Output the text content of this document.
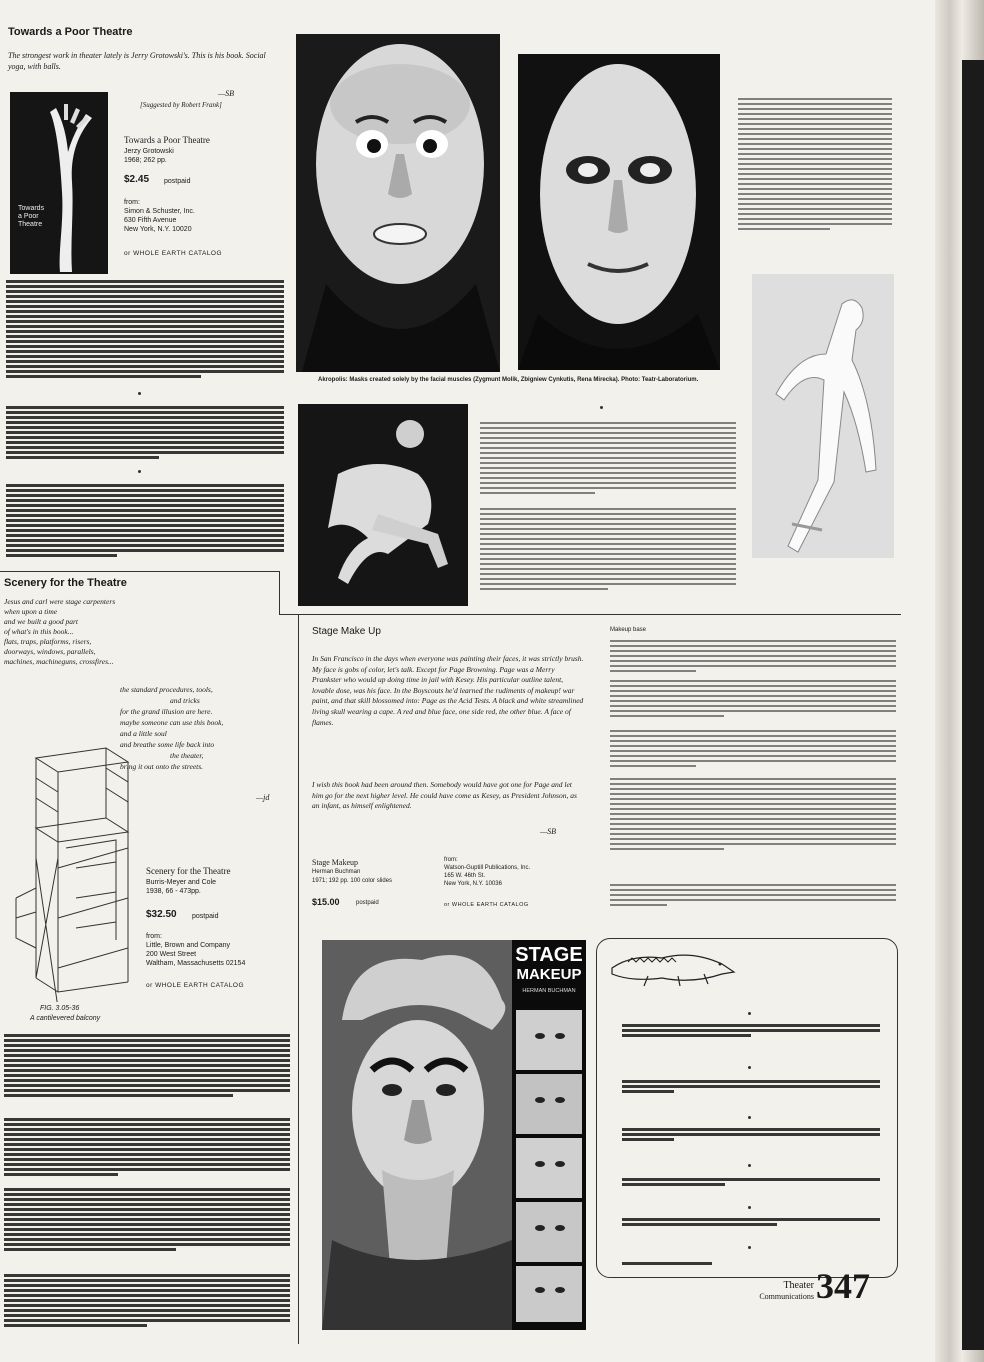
Towards a Poor Theatre
The strongest work in theater lately is Jerry Grotowski's. This is his book. Social yoga, with balls.
—SB
[Suggested by Robert Frank]
Towards
a Poor
Theatre
Towards a Poor Theatre
Jerzy Grotowski
1968; 262 pp.
$2.45 postpaid
from:
Simon & Schuster, Inc.
630 Fifth Avenue
New York, N.Y. 10020
or WHOLE EARTH CATALOG
Akropolis: Masks created solely by the facial muscles (Zygmunt Molik, Zbigniew Cynkutis, Rena Mirecka). Photo: Teatr-Laboratorium.
Scenery for the Theatre
Jesus and carl were stage carpenters
when upon a time
and we built a good part
of what's in this book...
flats, traps, platforms, risers,
doorways, windows, parallels,
machines, machineguns, crossfires...
the standard procedures, tools,
and tricks
for the grand illusion are here.
maybe someone can use this book,
and a little soul
and breathe some life back into
the theater,
bring it out onto the streets.
—jd
FIG. 3.05-36
A cantilevered balcony
Scenery for the Theatre
Burris-Meyer and Cole
1938, 66 - 473pp.
$32.50 postpaid
from:
Little, Brown and Company
200 West Street
Waltham, Massachusetts 02154
or WHOLE EARTH CATALOG
Stage Make Up
In San Francisco in the days when everyone was painting their faces, it was strictly brush. My face is gobs of color, let's talk. Except for Page Browning. Page was a Merry Prankster who would up doing time in jail with Kesey. His particular outline talent, lovable dose, was his face. In the Boyscouts he'd learned the rudiments of makeup! war paint, and that skill blossomed into: Page as the Acid Tests. A black and white streamlined living skull wearing a cape. A red and blue face, one side red, the other blue. A face of flames.
I wish this book had been around then. Somebody would have got one for Page and let him go for the next higher level. He could have come as Kesey, as President Johnson, as an infant, as himself enlightened.
—SB
Stage Makeup
Herman Buchman
1971; 192 pp. 100 color slides
$15.00	postpaid
from:
Watson-Guptill Publications, Inc.
165 W. 46th St.
New York, N.Y. 10036
or WHOLE EARTH CATALOG
Makeup base
STAGE
MAKEUP
HERMAN BUCHMAN
Theater
Communications 347
